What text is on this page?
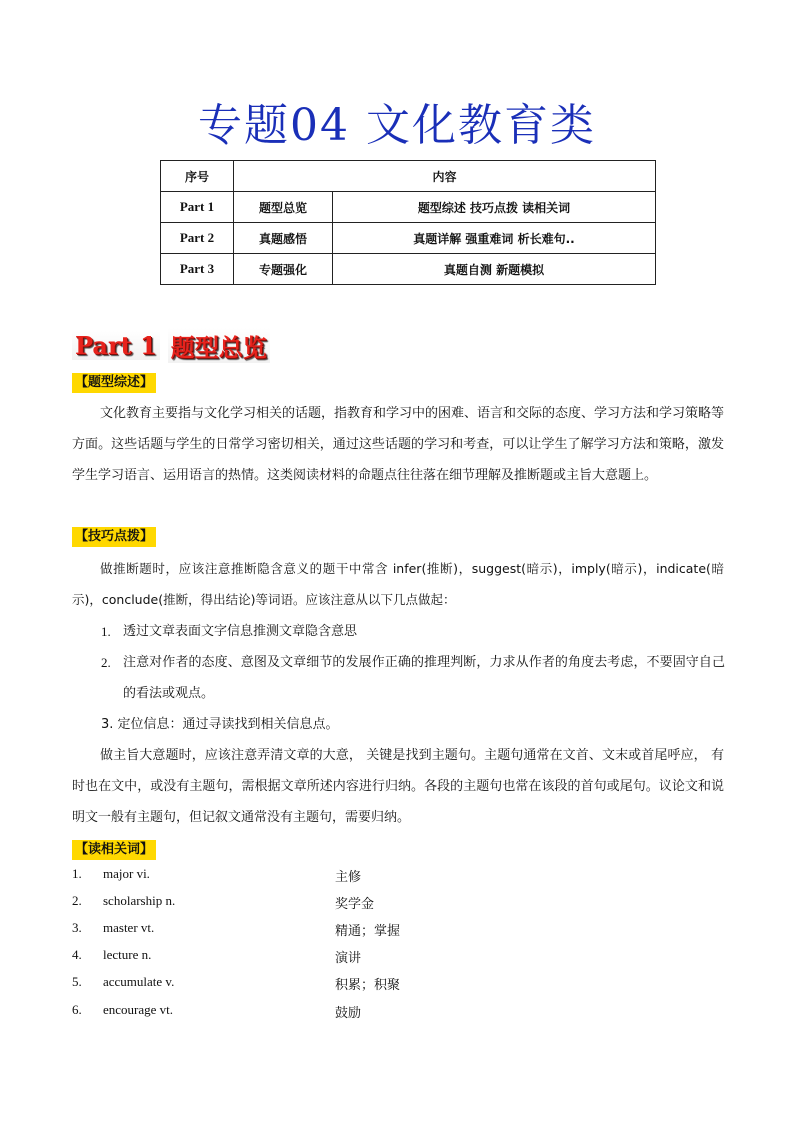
专题04 文化教育类
序号	内容	
Part 1	题型总览	题型综述 技巧点拨 读相关词
Part 2	真题感悟	真题详解 强重难词 析长难句..
Part 3	专题强化	真题自测 新题模拟
Part 1 题型总览
【题型综述】
文化教育主要指与文化学习相关的话题，指教育和学习中的困难、语言和交际的态度、学习方法和学习策略等方面。这些话题与学生的日常学习密切相关，通过这些话题的学习和考查，可以让学生了解学习方法和策略，激发学生学习语言、运用语言的热情。这类阅读材料的命题点往往落在细节理解及推断题或主旨大意题上。
【技巧点拨】
做推断题时，应该注意推断隐含意义的题干中常含 infer(推断)，suggest(暗示)，imply(暗示)，indicate(暗示)，conclude(推断，得出结论)等词语。应该注意从以下几点做起：
1. 透过文章表面文字信息推测文章隐含意思
2. 注意对作者的态度、意图及文章细节的发展作正确的推理判断，力求从作者的角度去考虑，不要固守自己的看法或观点。
3. 定位信息：通过寻读找到相关信息点。
做主旨大意题时，应该注意弄清文章的大意， 关键是找到主题句。主题句通常在文首、文末或首尾呼应， 有时也在文中，或没有主题句，需根据文章所述内容进行归纳。各段的主题句也常在该段的首句或尾句。议论文和说明文一般有主题句，但记叙文通常没有主题句，需要归纳。
【读相关词】
1. major vi.	主修
2. scholarship n.	奖学金
3. master vt.	精通；掌握
4. lecture n.	演讲
5. accumulate v.	积累；积聚
6. encourage vt.	鼓励
